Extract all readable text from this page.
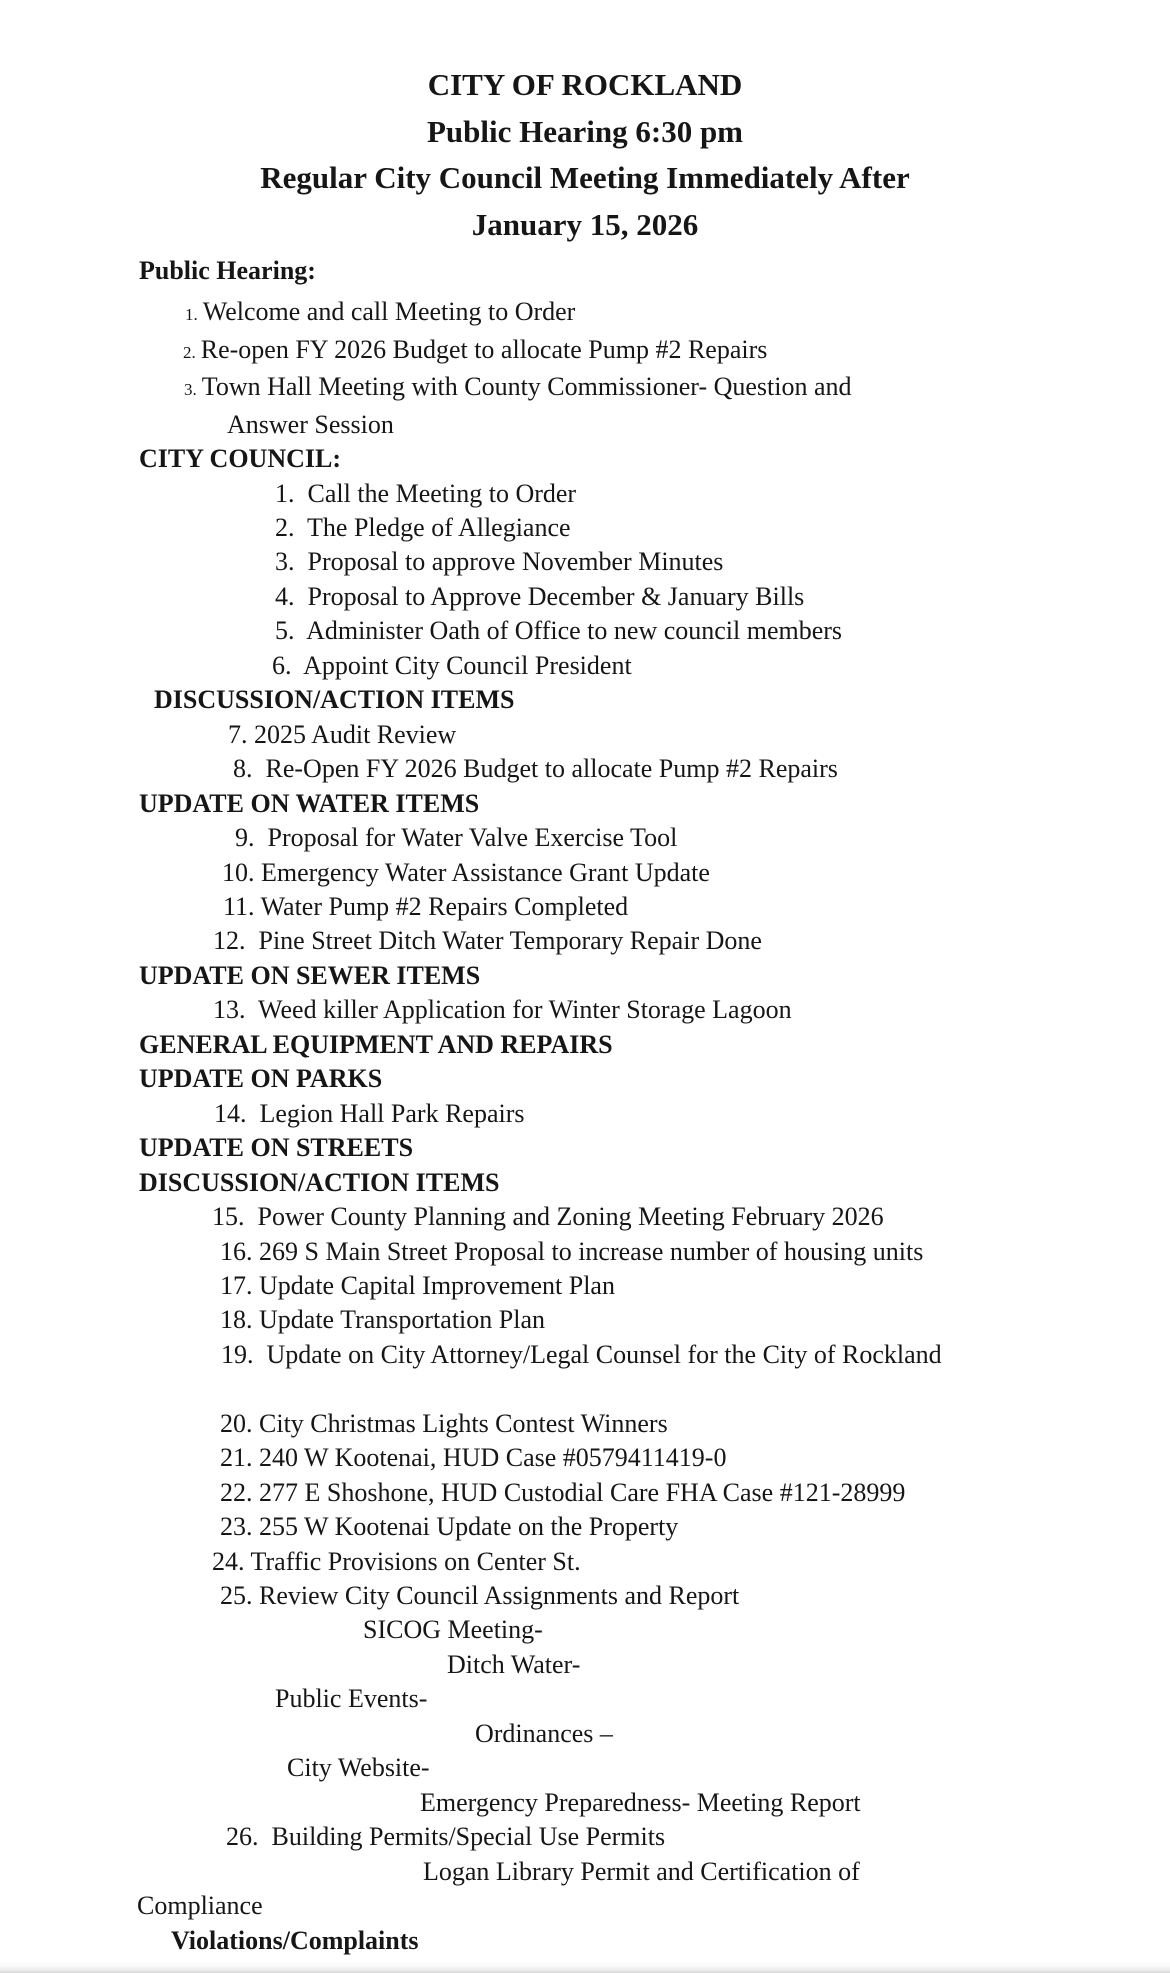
CITY OF ROCKLAND
Public Hearing 6:30 pm
Regular City Council Meeting Immediately After
January 15, 2026
Public Hearing:
1. Welcome and call Meeting to Order
2. Re-open FY 2026 Budget to allocate Pump #2 Repairs
3. Town Hall Meeting with County Commissioner- Question and
Answer Session
CITY COUNCIL:
1.  Call the Meeting to Order
2.  The Pledge of Allegiance
3.  Proposal to approve November Minutes
4.  Proposal to Approve December & January Bills
5.  Administer Oath of Office to new council members
6.  Appoint City Council President
DISCUSSION/ACTION ITEMS
7. 2025 Audit Review
8.  Re-Open FY 2026 Budget to allocate Pump #2 Repairs
UPDATE ON WATER ITEMS
9.  Proposal for Water Valve Exercise Tool
10. Emergency Water Assistance Grant Update
11. Water Pump #2 Repairs Completed
12.  Pine Street Ditch Water Temporary Repair Done
UPDATE ON SEWER ITEMS
13.  Weed killer Application for Winter Storage Lagoon
GENERAL EQUIPMENT AND REPAIRS
UPDATE ON PARKS
14.  Legion Hall Park Repairs
UPDATE ON STREETS
DISCUSSION/ACTION ITEMS
15.  Power County Planning and Zoning Meeting February 2026
16. 269 S Main Street Proposal to increase number of housing units
17. Update Capital Improvement Plan
18. Update Transportation Plan
19.  Update on City Attorney/Legal Counsel for the City of Rockland

20. City Christmas Lights Contest Winners
21. 240 W Kootenai, HUD Case #0579411419-0
22. 277 E Shoshone, HUD Custodial Care FHA Case #121-28999
23. 255 W Kootenai Update on the Property
24. Traffic Provisions on Center St.
25. Review City Council Assignments and Report
SICOG Meeting-
Ditch Water-
Public Events-
Ordinances –
City Website-
Emergency Preparedness- Meeting Report
26.  Building Permits/Special Use Permits
Logan Library Permit and Certification of
Compliance
Violations/Complaints
